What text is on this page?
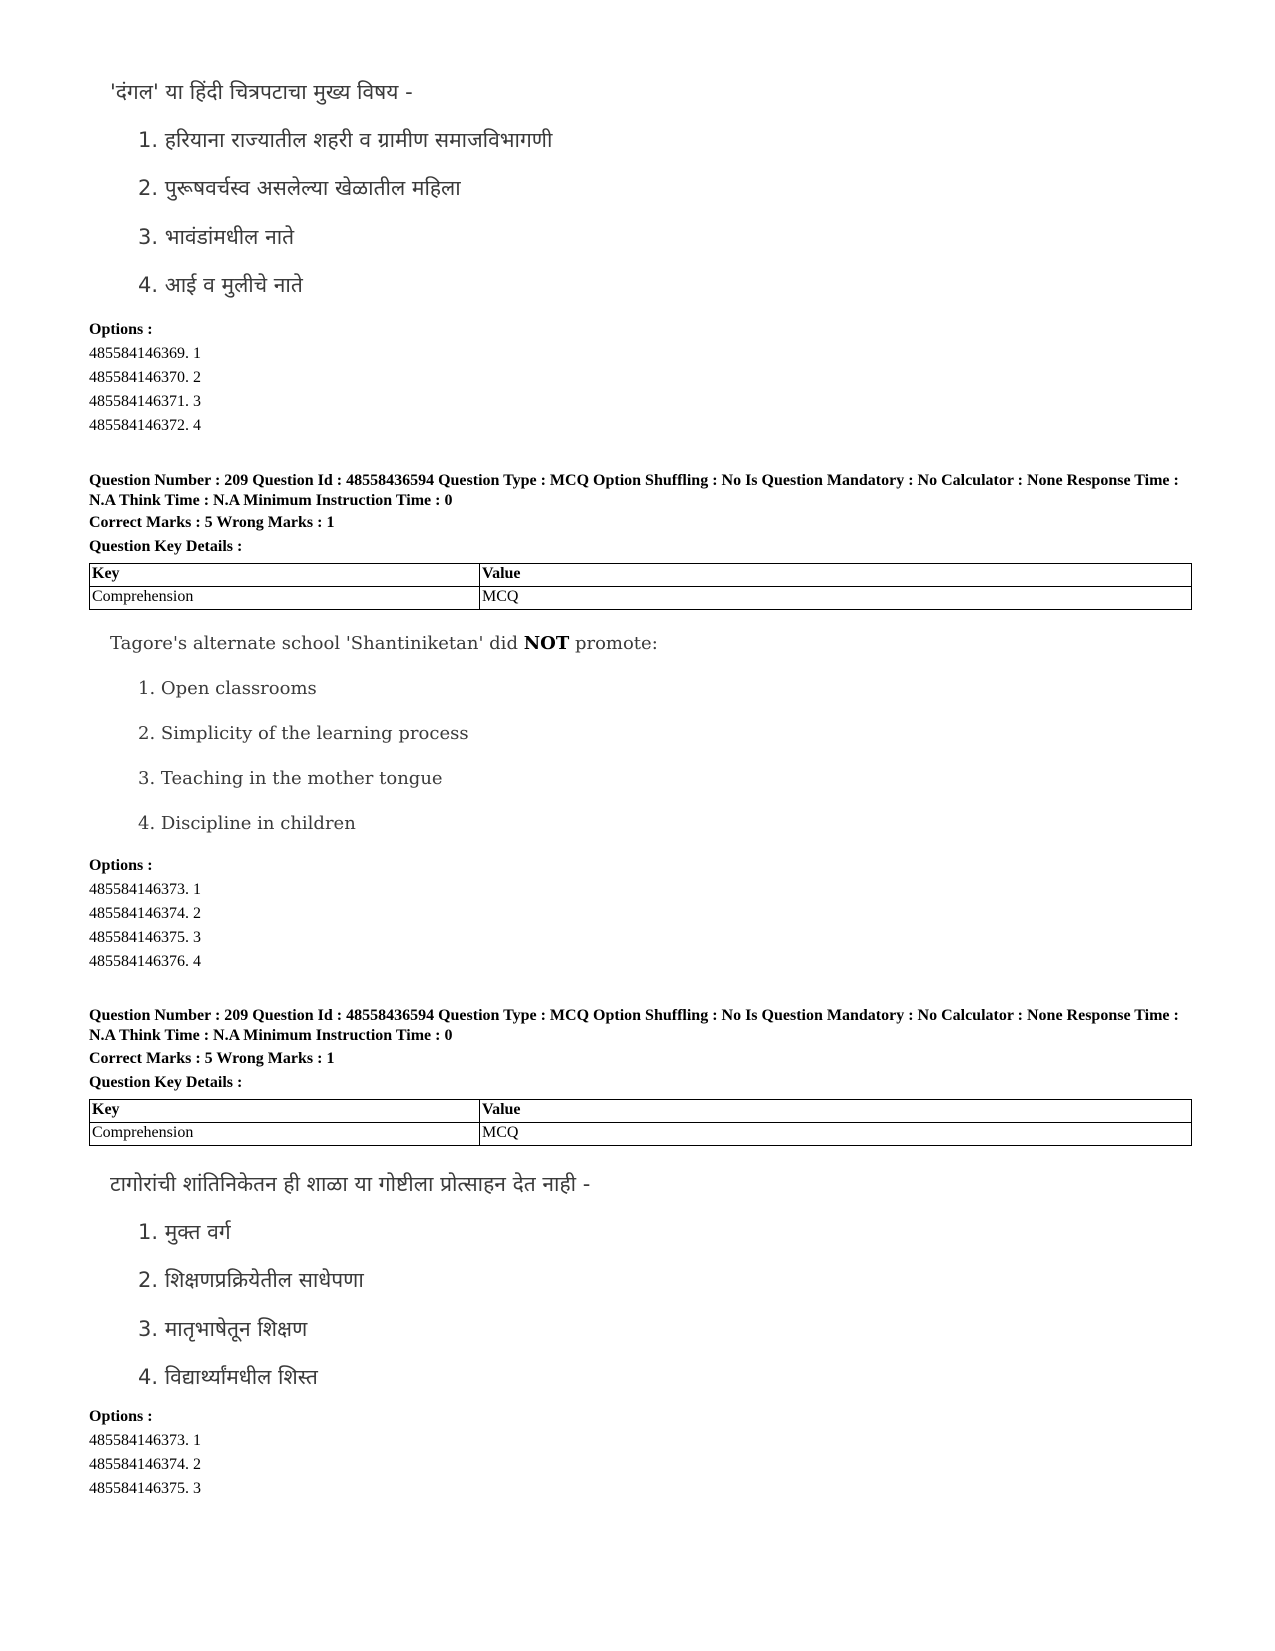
'दंगल' या हिंदी चित्रपटाचा मुख्य विषय -
1. हरियाना राज्यातील शहरी व ग्रामीण समाजविभागणी
2. पुरूषवर्चस्व असलेल्या खेळातील महिला
3. भावंडांमधील नाते
4. आई व मुलीचे नाते
Options :
485584146369. 1
485584146370. 2
485584146371. 3
485584146372. 4
Question Number : 209 Question Id : 48558436594 Question Type : MCQ Option Shuffling : No Is Question Mandatory : No Calculator : None Response Time : N.A Think Time : N.A Minimum Instruction Time : 0
Correct Marks : 5 Wrong Marks : 1
Question Key Details :
Key	Value
Comprehension	MCQ
Tagore's alternate school 'Shantiniketan' did NOT promote:
1. Open classrooms
2. Simplicity of the learning process
3. Teaching in the mother tongue
4. Discipline in children
Options :
485584146373. 1
485584146374. 2
485584146375. 3
485584146376. 4
Question Number : 209 Question Id : 48558436594 Question Type : MCQ Option Shuffling : No Is Question Mandatory : No Calculator : None Response Time : N.A Think Time : N.A Minimum Instruction Time : 0
Correct Marks : 5 Wrong Marks : 1
Question Key Details :
Key	Value
Comprehension	MCQ
टागोरांची शांतिनिकेतन ही शाळा या गोष्टीला प्रोत्साहन देत नाही -
1. मुक्त वर्ग
2. शिक्षणप्रक्रियेतील साधेपणा
3. मातृभाषेतून शिक्षण
4. विद्यार्थ्यांमधील शिस्त
Options :
485584146373. 1
485584146374. 2
485584146375. 3
